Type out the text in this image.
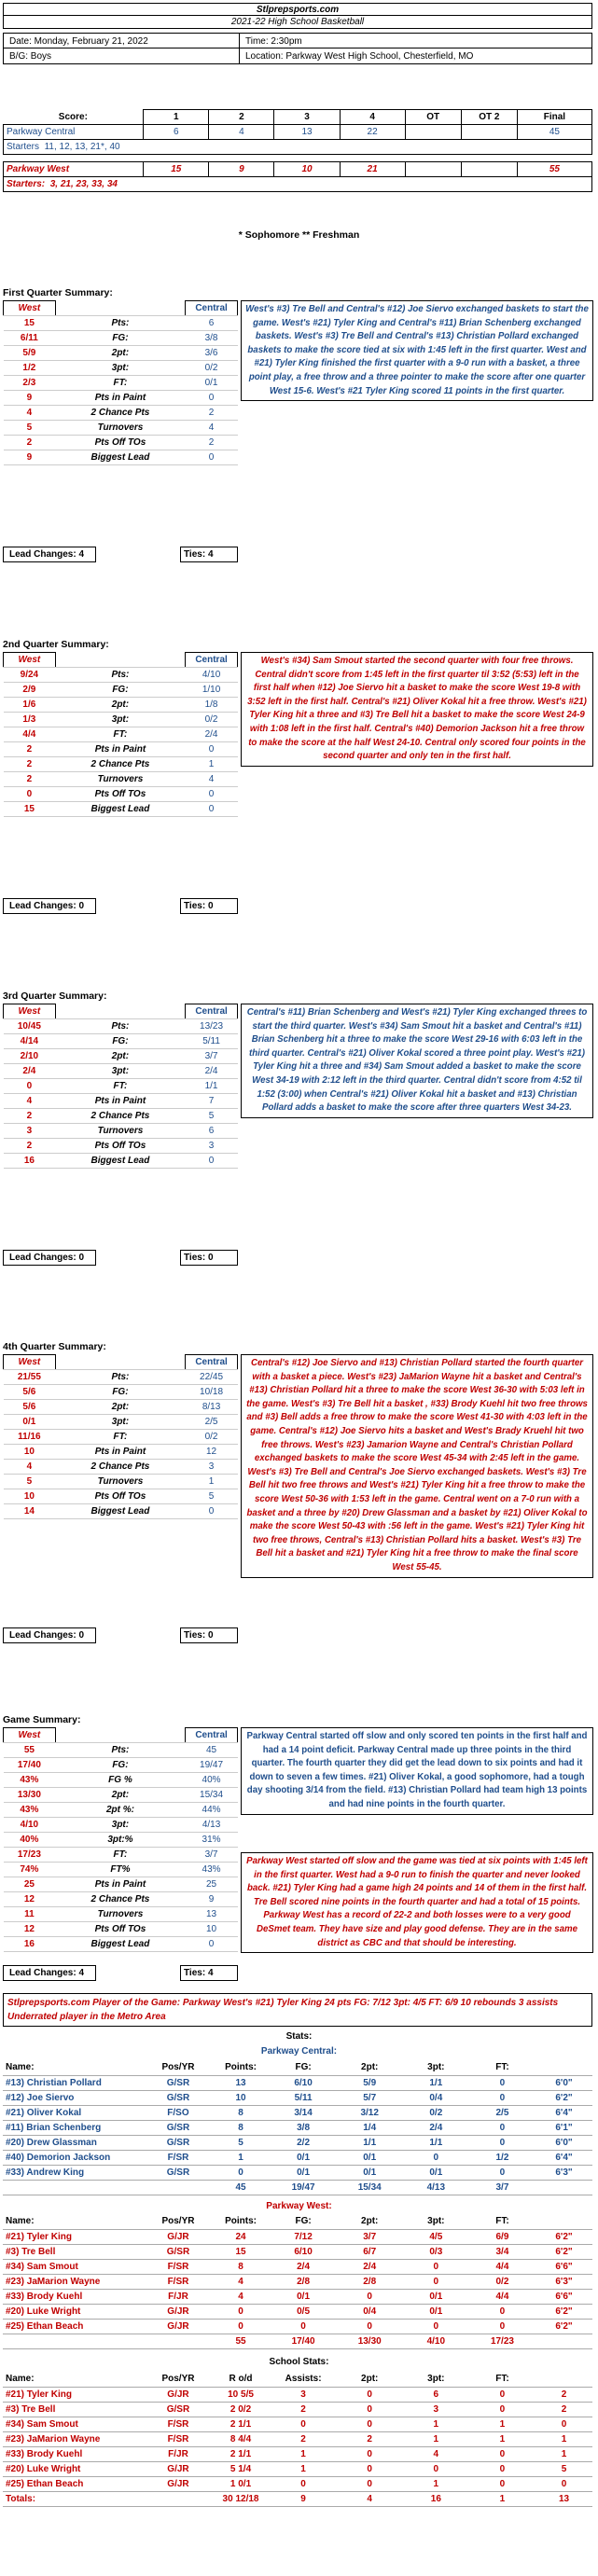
Stlprepsports.com
2021-22 High School Basketball
Date: Monday, February 21, 2022	Time: 2:30pm
B/G: Boys	Location: Parkway West High School, Chesterfield, MO
Score:	1	2	3	4	OT	OT 2	Final
Parkway Central	6	4	13	22			45
Starters 11, 12, 13, 21*, 40							

Parkway West	15	9	10	21			55
Starters: 3, 21, 23, 33, 34							
* Sophomore ** Freshman
First Quarter Summary:
West		Central
15	Pts:	6
6/11	FG:	3/8
5/9	2pt:	3/6
1/2	3pt:	0/2
2/3	FT:	0/1
9	Pts in Paint	0
4	2 Chance Pts	2
5	Turnovers	4
2	Pts Off TOs	2
9	Biggest Lead	0
West's #3) Tre Bell and Central's #12) Joe Siervo exchanged baskets to start the game. West's #21) Tyler King and Central's #11) Brian Schenberg exchanged baskets. West's #3) Tre Bell and Central's #13) Christian Pollard exchanged baskets to make the score tied at six with 1:45 left in the first quarter. West and #21) Tyler King finished the first quarter with a 9-0 run with a basket, a three point play, a free throw and a three pointer to make the score after one quarter West 15-6. West's #21 Tyler King scored 11 points in the first quarter.
Lead Changes: 4	Ties: 4
2nd Quarter Summary:
West		Central
9/24	Pts:	4/10
2/9	FG:	1/10
1/6	2pt:	1/8
1/3	3pt:	0/2
4/4	FT:	2/4
2	Pts in Paint	0
2	2 Chance Pts	1
2	Turnovers	4
0	Pts Off TOs	0
15	Biggest Lead	0
West's #34) Sam Smout started the second quarter with four free throws. Central didn't score from 1:45 left in the first quarter til 3:52 (5:53) left in the first half when #12) Joe Siervo hit a basket to make the score West 19-8 with 3:52 left in the first half. Central's #21) Oliver Kokal hit a free throw. West's #21) Tyler King hit a three and #3) Tre Bell hit a basket to make the score West 24-9 with 1:08 left in the first half. Central's #40) Demorion Jackson hit a free throw to make the score at the half West 24-10. Central only scored four points in the second quarter and only ten in the first half.
Lead Changes: 0	Ties: 0
3rd Quarter Summary:
West		Central
10/45	Pts:	13/23
4/14	FG:	5/11
2/10	2pt:	3/7
2/4	3pt:	2/4
0	FT:	1/1
4	Pts in Paint	7
2	2 Chance Pts	5
3	Turnovers	6
2	Pts Off TOs	3
16	Biggest Lead	0
Central's #11) Brian Schenberg and West's #21) Tyler King exchanged threes to start the third quarter. West's #34) Sam Smout hit a basket and Central's #11) Brian Schenberg hit a three to make the score West 29-16 with 6:03 left in the third quarter. Central's #21) Oliver Kokal scored a three point play. West's #21) Tyler King hit a three and #34) Sam Smout added a basket to make the score West 34-19 with 2:12 left in the third quarter. Central didn't score from 4:52 til 1:52 (3:00) when Central's #21) Oliver Kokal hit a basket and #13) Christian Pollard adds a basket to make the score after three quarters West 34-23.
Lead Changes: 0	Ties: 0
4th Quarter Summary:
West		Central
21/55	Pts:	22/45
5/6	FG:	10/18
5/6	2pt:	8/13
0/1	3pt:	2/5
11/16	FT:	0/2
10	Pts in Paint	12
4	2 Chance Pts	3
5	Turnovers	1
10	Pts Off TOs	5
14	Biggest Lead	0
Central's #12) Joe Siervo and #13) Christian Pollard started the fourth quarter with a basket a piece. West's #23) JaMarion Wayne hit a basket and Central's #13) Christian Pollard hit a three to make the score West 36-30 with 5:03 left in the game. West's #3) Tre Bell hit a basket , #33) Brody Kuehl hit two free throws and #3) Bell adds a free throw to make the score West 41-30 with 4:03 left in the game. Central's #12) Joe Siervo hits a basket and West's Brady Kruehl hit two free throws. West's #23) Jamarion Wayne and Central's Christian Pollard exchanged baskets to make the score West 45-34 with 2:45 left in the game. West's #3) Tre Bell and Central's Joe Siervo exchanged baskets. West's #3) Tre Bell hit two free throws and West's #21) Tyler King hit a free throw to make the score West 50-36 with 1:53 left in the game. Central went on a 7-0 run with a basket and a three by #20) Drew Glassman and a basket by #21) Oliver Kokal to make the score West 50-43 with :56 left in the game. West's #21) Tyler King hit two free throws, Central's #13) Christian Pollard hits a basket. West's #3) Tre Bell hit a basket and #21) Tyler King hit a free throw to make the final score West 55-45.
Lead Changes: 0	Ties: 0
Game Summary:
West		Central
55	Pts:	45
17/40	FG:	19/47
43%	FG %	40%
13/30	2pt:	15/34
43%	2pt %:	44%
4/10	3pt:	4/13
40%	3pt:%	31%
17/23	FT:	3/7
74%	FT%	43%
25	Pts in Paint	25
12	2 Chance Pts	9
11	Turnovers	13
12	Pts Off TOs	10
16	Biggest Lead	0
Parkway Central started off slow and only scored ten points in the first half and had a 14 point deficit. Parkway Central made up three points in the third quarter. The fourth quarter they did get the lead down to six points and had it down to seven a few times. #21) Oliver Kokal, a good sophomore, had a tough day shooting 3/14 from the field. #13) Christian Pollard had team high 13 points and had nine points in the fourth quarter.
Parkway West started off slow and the game was tied at six points with 1:45 left in the first quarter. West had a 9-0 run to finish the quarter and never looked back. #21) Tyler King had a game high 24 points and 14 of them in the first half. Tre Bell scored nine points in the fourth quarter and had a total of 15 points. Parkway West has a record of 22-2 and both losses were to a very good DeSmet team. They have size and play good defense. They are in the same district as CBC and that should be interesting.
Lead Changes: 4	Ties: 4
Stlprepsports.com Player of the Game: Parkway West's #21) Tyler King 24 pts FG: 7/12 3pt: 4/5 FT: 6/9 10 rebounds 3 assists Underrated player in the Metro Area
Stats:
Parkway Central:
Name:	Pos/YR	Points:	FG:	2pt:	3pt:	FT:	
#13) Christian Pollard	G/SR	13	6/10	5/9	1/1	0	6'0"
#12) Joe Siervo	G/SR	10	5/11	5/7	0/4	0	6'2"
#21) Oliver Kokal	F/SO	8	3/14	3/12	0/2	2/5	6'4"
#11) Brian Schenberg	G/SR	8	3/8	1/4	2/4	0	6'1"
#20) Drew Glassman	G/SR	5	2/2	1/1	1/1	0	6'0"
#40) Demorion Jackson	F/SR	1	0/1	0/1	0	1/2	6'4"
#33) Andrew King	G/SR	0	0/1	0/1	0/1	0	6'3"
		45	19/47	15/34	4/13	3/7	
Parkway West:
Name:	Pos/YR	Points:	FG:	2pt:	3pt:	FT:	
#21) Tyler King	G/JR	24	7/12	3/7	4/5	6/9	6'2"
#3) Tre Bell	G/SR	15	6/10	6/7	0/3	3/4	6'2"
#34) Sam Smout	F/SR	8	2/4	2/4	0	4/4	6'6"
#23) JaMarion Wayne	F/SR	4	2/8	2/8	0	0/2	6'3"
#33) Brody Kuehl	F/JR	4	0/1	0	0/1	4/4	6'6"
#20) Luke Wright	G/JR	0	0/5	0/4	0/1	0	6'2"
#25) Ethan Beach	G/JR	0	0	0	0	0	6'2"
		55	17/40	13/30	4/10	17/23	
School Stats:
Name:	Pos/YR	R o/d	Assists:	2pt:	3pt:	FT:	
#21) Tyler King	G/JR	10 5/5	3	0	6	0	2
#3) Tre Bell	G/SR	2 0/2	2	0	3	0	2
#34) Sam Smout	F/SR	2 1/1	0	0	1	1	0
#23) JaMarion Wayne	F/SR	8 4/4	2	2	1	1	1
#33) Brody Kuehl	F/JR	2 1/1	1	0	4	0	1
#20) Luke Wright	G/JR	5 1/4	1	0	0	0	5
#25) Ethan Beach	G/JR	1 0/1	0	0	1	0	0
Totals:		30 12/18	9	4	16	1	13
